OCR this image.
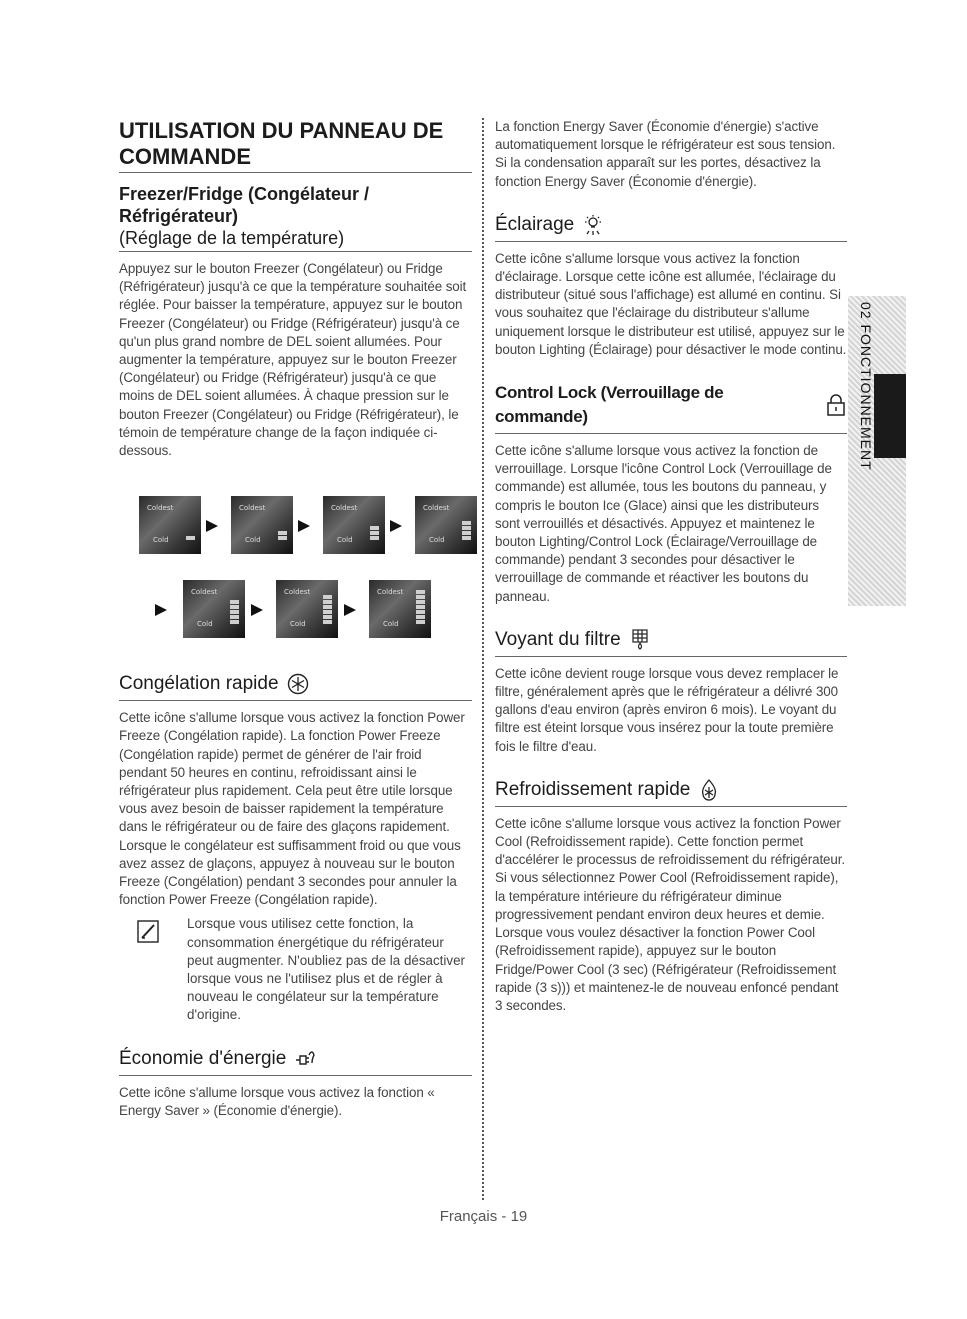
UTILISATION DU PANNEAU DE COMMANDE
Freezer/Fridge (Congélateur / Réfrigérateur)
(Réglage de la température)

Appuyez sur le bouton Freezer (Congélateur) ou Fridge (Réfrigérateur) jusqu'à ce que la température souhaitée soit réglée. Pour baisser la température, appuyez sur le bouton Freezer (Congélateur) ou Fridge (Réfrigérateur) jusqu'à ce qu'un plus grand nombre de DEL soient allumées. Pour augmenter la température, appuyez sur le bouton Freezer (Congélateur) ou Fridge (Réfrigérateur) jusqu'à ce que moins de DEL soient allumées. À chaque pression sur le bouton Freezer (Congélateur) ou Fridge (Réfrigérateur), le témoin de température change de la façon indiquée ci-dessous.

Coldest
Cold
Coldest
Cold
Coldest
Cold
Coldest
Cold
Coldest
Cold
Coldest
Cold
Coldest
Cold
Congélation rapide

Cette icône s'allume lorsque vous activez la fonction Power Freeze (Congélation rapide). La fonction Power Freeze (Congélation rapide) permet de générer de l'air froid pendant 50 heures en continu, refroidissant ainsi le réfrigérateur plus rapidement. Cela peut être utile lorsque vous avez besoin de baisser rapidement la température dans le réfrigérateur ou de faire des glaçons rapidement. Lorsque le congélateur est suffisamment froid ou que vous avez assez de glaçons, appuyez à nouveau sur le bouton Freeze (Congélation) pendant 3 secondes pour annuler la fonction Power Freeze (Congélation rapide).

Lorsque vous utilisez cette fonction, la consommation énergétique du réfrigérateur peut augmenter. N'oubliez pas de la désactiver lorsque vous ne l'utilisez plus et de régler à nouveau le congélateur sur la température d'origine.
Économie d'énergie

Cette icône s'allume lorsque vous activez la fonction « Energy Saver » (Économie d'énergie).

La fonction Energy Saver (Économie d'énergie) s'active automatiquement lorsque le réfrigérateur est sous tension. Si la condensation apparaît sur les portes, désactivez la fonction Energy Saver (Économie d'énergie).

Éclairage

Cette icône s'allume lorsque vous activez la fonction d'éclairage. Lorsque cette icône est allumée, l'éclairage du distributeur (situé sous l'affichage) est allumé en continu. Si vous souhaitez que l'éclairage du distributeur s'allume uniquement lorsque le distributeur est utilisé, appuyez sur le bouton Lighting (Éclairage) pour désactiver le mode continu.

Control Lock (Verrouillage de commande)

Cette icône s'allume lorsque vous activez la fonction de verrouillage. Lorsque l'icône Control Lock (Verrouillage de commande) est allumée, tous les boutons du panneau, y compris le bouton Ice (Glace) ainsi que les distributeurs sont verrouillés et désactivés. Appuyez et maintenez le bouton Lighting/Control Lock (Éclairage/Verrouillage de commande) pendant 3 secondes pour désactiver le verrouillage de commande et réactiver les boutons du panneau.

Voyant du filtre

Cette icône devient rouge lorsque vous devez remplacer le filtre, généralement après que le réfrigérateur a délivré 300 gallons d'eau environ (après environ 6 mois). Le voyant du filtre est éteint lorsque vous insérez pour la toute première fois le filtre d'eau.

Refroidissement rapide

Cette icône s'allume lorsque vous activez la fonction Power Cool (Refroidissement rapide). Cette fonction permet d'accélérer le processus de refroidissement du réfrigérateur. Si vous sélectionnez Power Cool (Refroidissement rapide), la température intérieure du réfrigérateur diminue progressivement pendant environ deux heures et demie. Lorsque vous voulez désactiver la fonction Power Cool (Refroidissement rapide), appuyez sur le bouton Fridge/Power Cool (3 sec) (Réfrigérateur (Refroidissement rapide (3 s))) et maintenez-le de nouveau enfoncé pendant 3 secondes.

02 FONCTIONNEMENT
Français - 19
